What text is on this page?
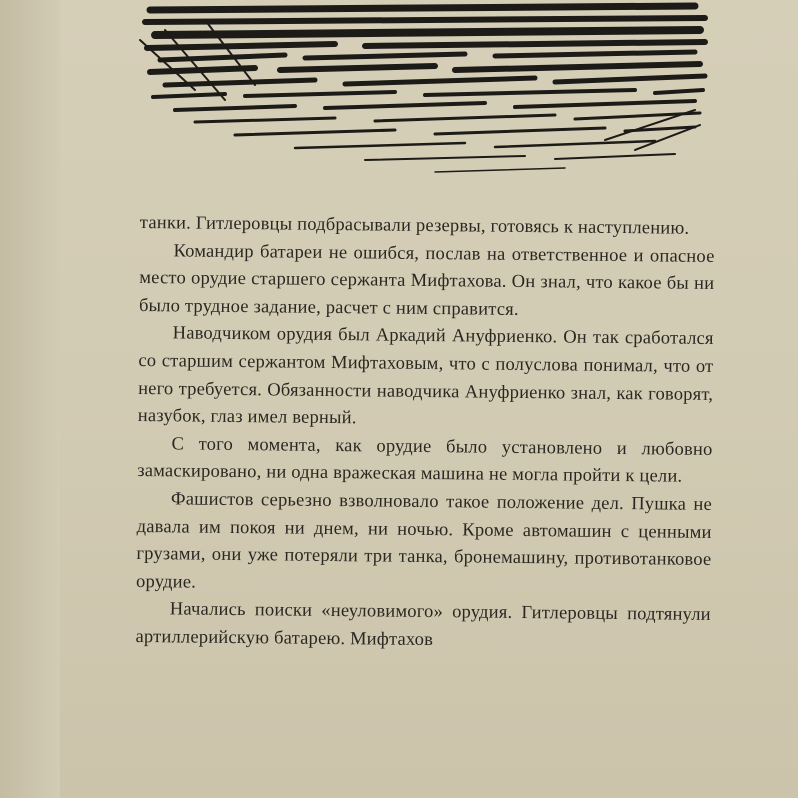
танки. Гитлеровцы подбрасывали резервы, готовясь к наступлению.

Командир батареи не ошибся, послав на ответственное и опасное место орудие старшего сержанта Мифтахова. Он знал, что какое бы ни было трудное задание, расчет с ним справится.

Наводчиком орудия был Аркадий Ануфриенко. Он так сработался со старшим сержантом Мифтаховым, что с полуслова понимал, что от него требуется. Обязанности наводчика Ануфриенко знал, как говорят, назубок, глаз имел верный.

С того момента, как орудие было установлено и любовно замаскировано, ни одна вражеская машина не могла пройти к цели.

Фашистов серьезно взволновало такое положение дел. Пушка не давала им покоя ни днем, ни ночью. Кроме автомашин с ценными грузами, они уже потеряли три танка, бронемашину, противотанковое орудие.

Начались поиски «неуловимого» орудия. Гитлеровцы подтянули артиллерийскую батарею. Мифтахов
